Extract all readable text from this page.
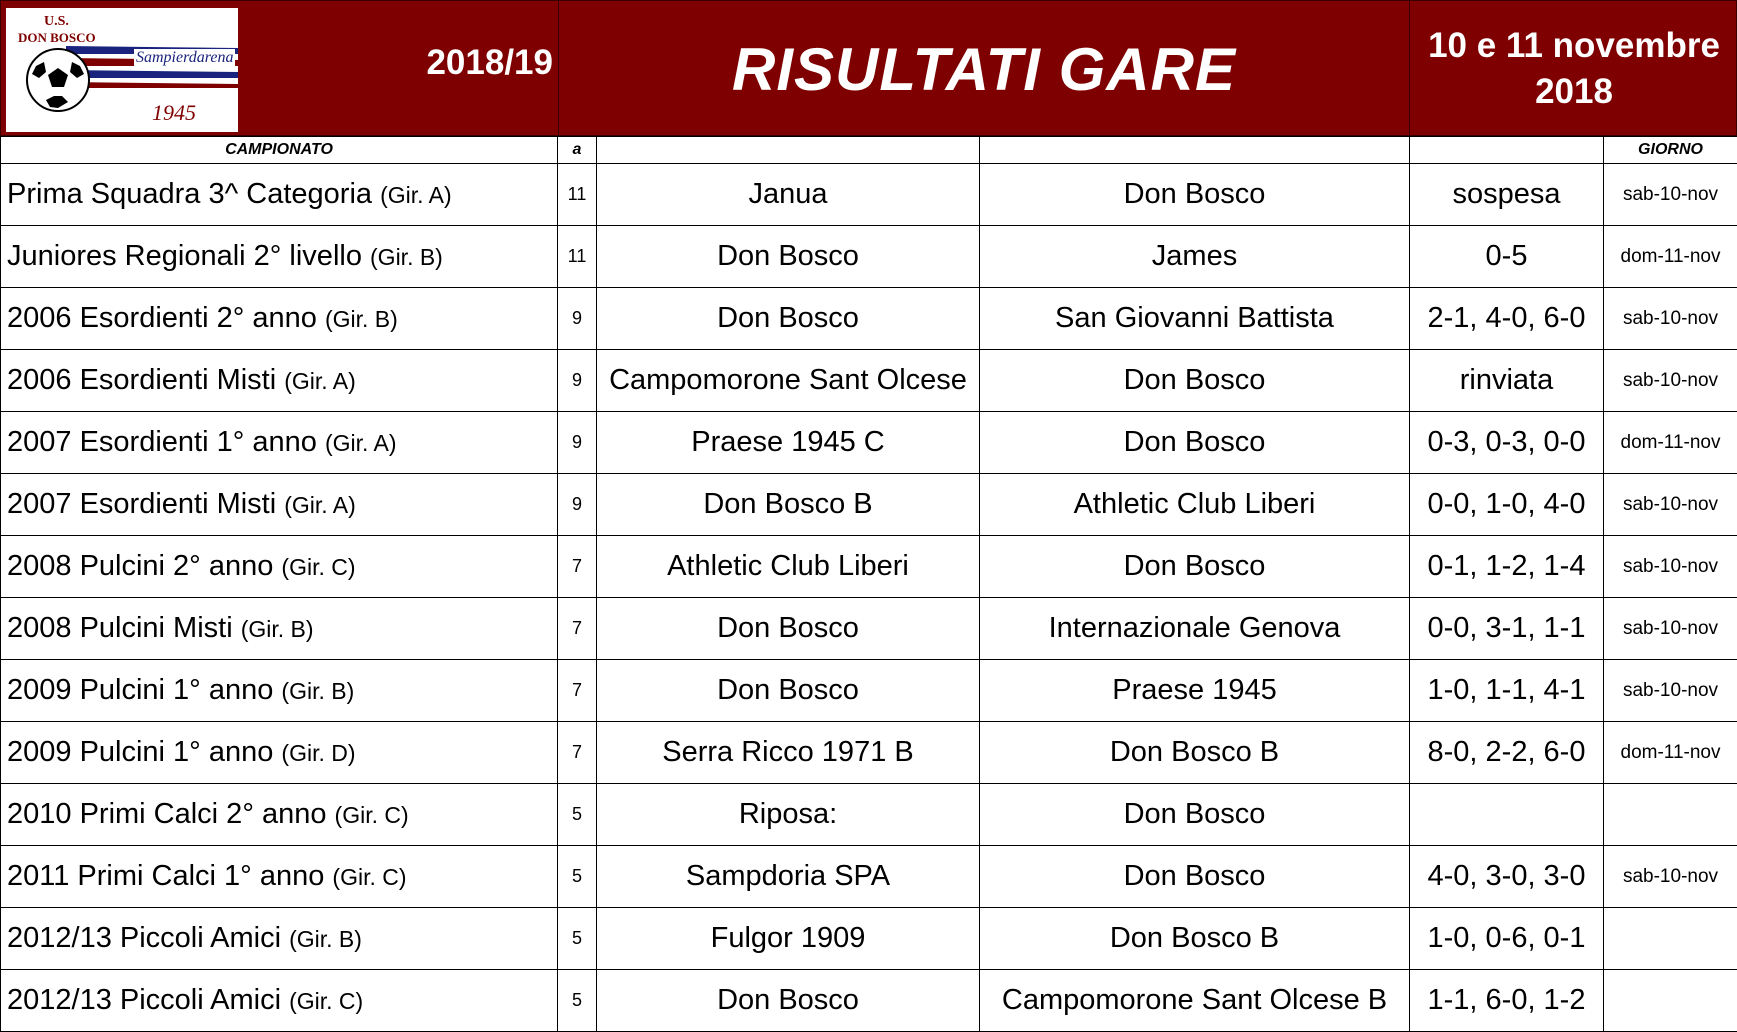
U.S.
DON BOSCO
Sampierdarena
1945
2018/19	RISULTATI GARE	10 e 11 novembre
2018
CAMPIONATO	a				GIORNO
Prima Squadra 3^ Categoria (Gir. A)	11	Janua	Don Bosco	sospesa	sab-10-nov
Juniores Regionali 2° livello (Gir. B)	11	Don Bosco	James	0-5	dom-11-nov
2006 Esordienti 2° anno (Gir. B)	9	Don Bosco	San Giovanni Battista	2-1, 4-0, 6-0	sab-10-nov
2006 Esordienti Misti (Gir. A)	9	Campomorone Sant Olcese	Don Bosco	rinviata	sab-10-nov
2007 Esordienti 1° anno (Gir. A)	9	Praese 1945 C	Don Bosco	0-3, 0-3, 0-0	dom-11-nov
2007 Esordienti Misti (Gir. A)	9	Don Bosco B	Athletic Club Liberi	0-0, 1-0, 4-0	sab-10-nov
2008 Pulcini 2° anno (Gir. C)	7	Athletic Club Liberi	Don Bosco	0-1, 1-2, 1-4	sab-10-nov
2008 Pulcini Misti (Gir. B)	7	Don Bosco	Internazionale Genova	0-0, 3-1, 1-1	sab-10-nov
2009 Pulcini 1° anno (Gir. B)	7	Don Bosco	Praese 1945	1-0, 1-1, 4-1	sab-10-nov
2009 Pulcini 1° anno (Gir. D)	7	Serra Ricco 1971 B	Don Bosco B	8-0, 2-2, 6-0	dom-11-nov
2010 Primi Calci 2° anno (Gir. C)	5	Riposa:	Don Bosco		
2011 Primi Calci 1° anno (Gir. C)	5	Sampdoria SPA	Don Bosco	4-0, 3-0, 3-0	sab-10-nov
2012/13 Piccoli Amici (Gir. B)	5	Fulgor 1909	Don Bosco B	1-0, 0-6, 0-1	
2012/13 Piccoli Amici (Gir. C)	5	Don Bosco	Campomorone Sant Olcese B	1-1, 6-0, 1-2	
